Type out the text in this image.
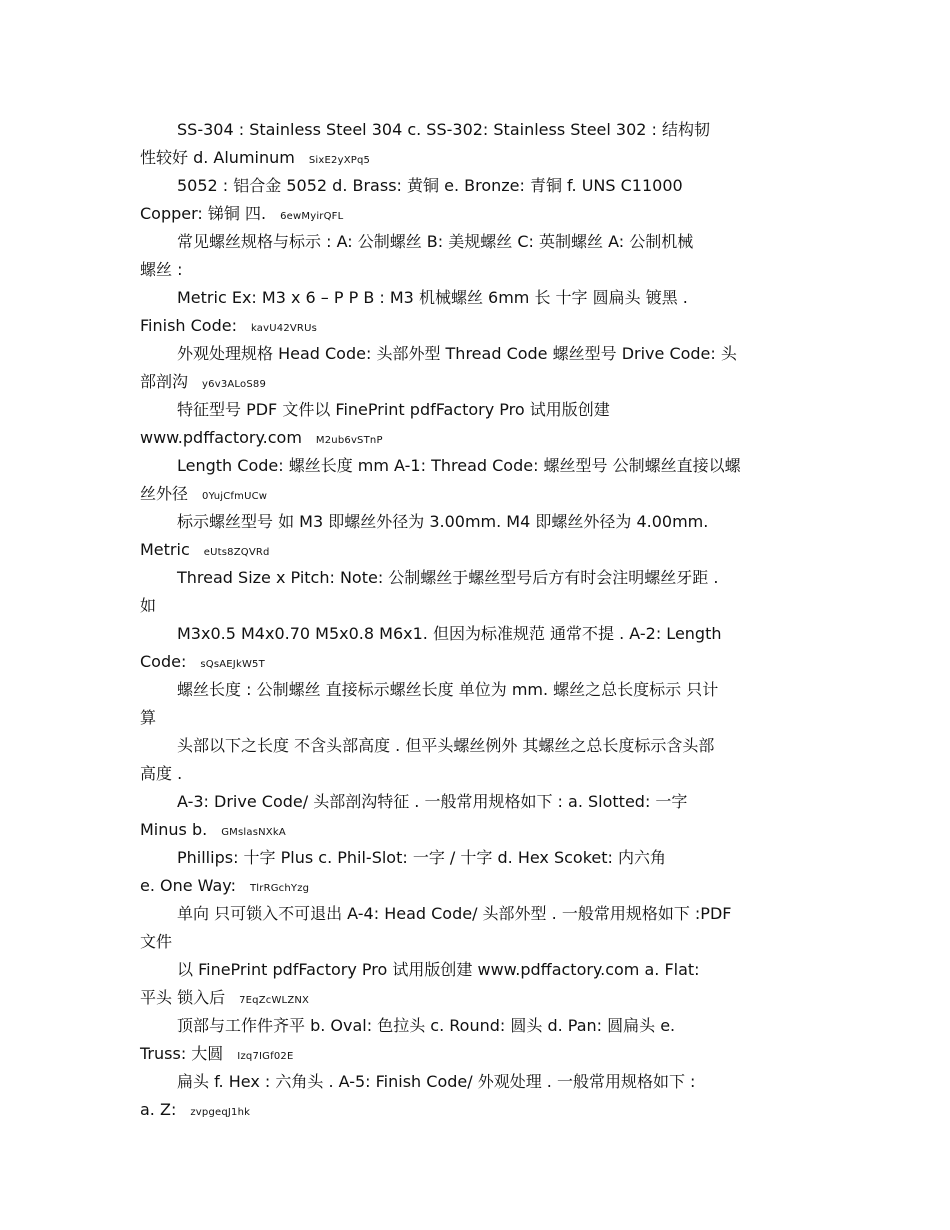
SS-304 : Stainless Steel 304 c. SS-302: Stainless Steel 302 : 结构韧
性较好 d. Aluminum SixE2yXPq5
5052 : 铝合金 5052 d. Brass: 黄铜 e. Bronze: 青铜 f. UNS C11000
Copper: 锑铜 四. 6ewMyirQFL
常见螺丝规格与标示 : A: 公制螺丝 B: 美规螺丝 C: 英制螺丝 A: 公制机械
螺丝 :
Metric Ex: M3 x 6 – P P B : M3 机械螺丝 6mm 长 十字 圆扁头 镀黑 .
Finish Code: kavU42VRUs
外观处理规格 Head Code: 头部外型 Thread Code 螺丝型号 Drive Code: 头
部剖沟 y6v3ALoS89
特征型号 PDF 文件以 FinePrint pdfFactory Pro 试用版创建
www.pdffactory.com M2ub6vSTnP
Length Code: 螺丝长度 mm A-1: Thread Code: 螺丝型号 公制螺丝直接以螺
丝外径 0YujCfmUCw
标示螺丝型号 如 M3 即螺丝外径为 3.00mm. M4 即螺丝外径为 4.00mm.
Metric eUts8ZQVRd
Thread Size x Pitch: Note: 公制螺丝于螺丝型号后方有时会注明螺丝牙距 .
如
M3x0.5 M4x0.70 M5x0.8 M6x1. 但因为标准规范 通常不提 . A-2: Length
Code: sQsAEJkW5T
螺丝长度 : 公制螺丝 直接标示螺丝长度 单位为 mm. 螺丝之总长度标示 只计
算
头部以下之长度 不含头部高度 . 但平头螺丝例外 其螺丝之总长度标示含头部
高度 .
A-3: Drive Code/ 头部剖沟特征 . 一般常用规格如下 : a. Slotted: 一字
Minus b. GMslasNXkA
Phillips: 十字 Plus c. Phil-Slot: 一字 / 十字 d. Hex Scoket: 内六角
e. One Way: TlrRGchYzg
单向 只可锁入不可退出 A-4: Head Code/ 头部外型 . 一般常用规格如下 :PDF
文件
以 FinePrint pdfFactory Pro 试用版创建 www.pdffactory.com a. Flat:
平头 锁入后 7EqZcWLZNX
顶部与工作件齐平 b. Oval: 色拉头 c. Round: 圆头 d. Pan: 圆扁头 e.
Truss: 大圆 Izq7IGf02E
扁头 f. Hex : 六角头 . A-5: Finish Code/ 外观处理 . 一般常用规格如下 :
a. Z: zvpgeqJ1hk
